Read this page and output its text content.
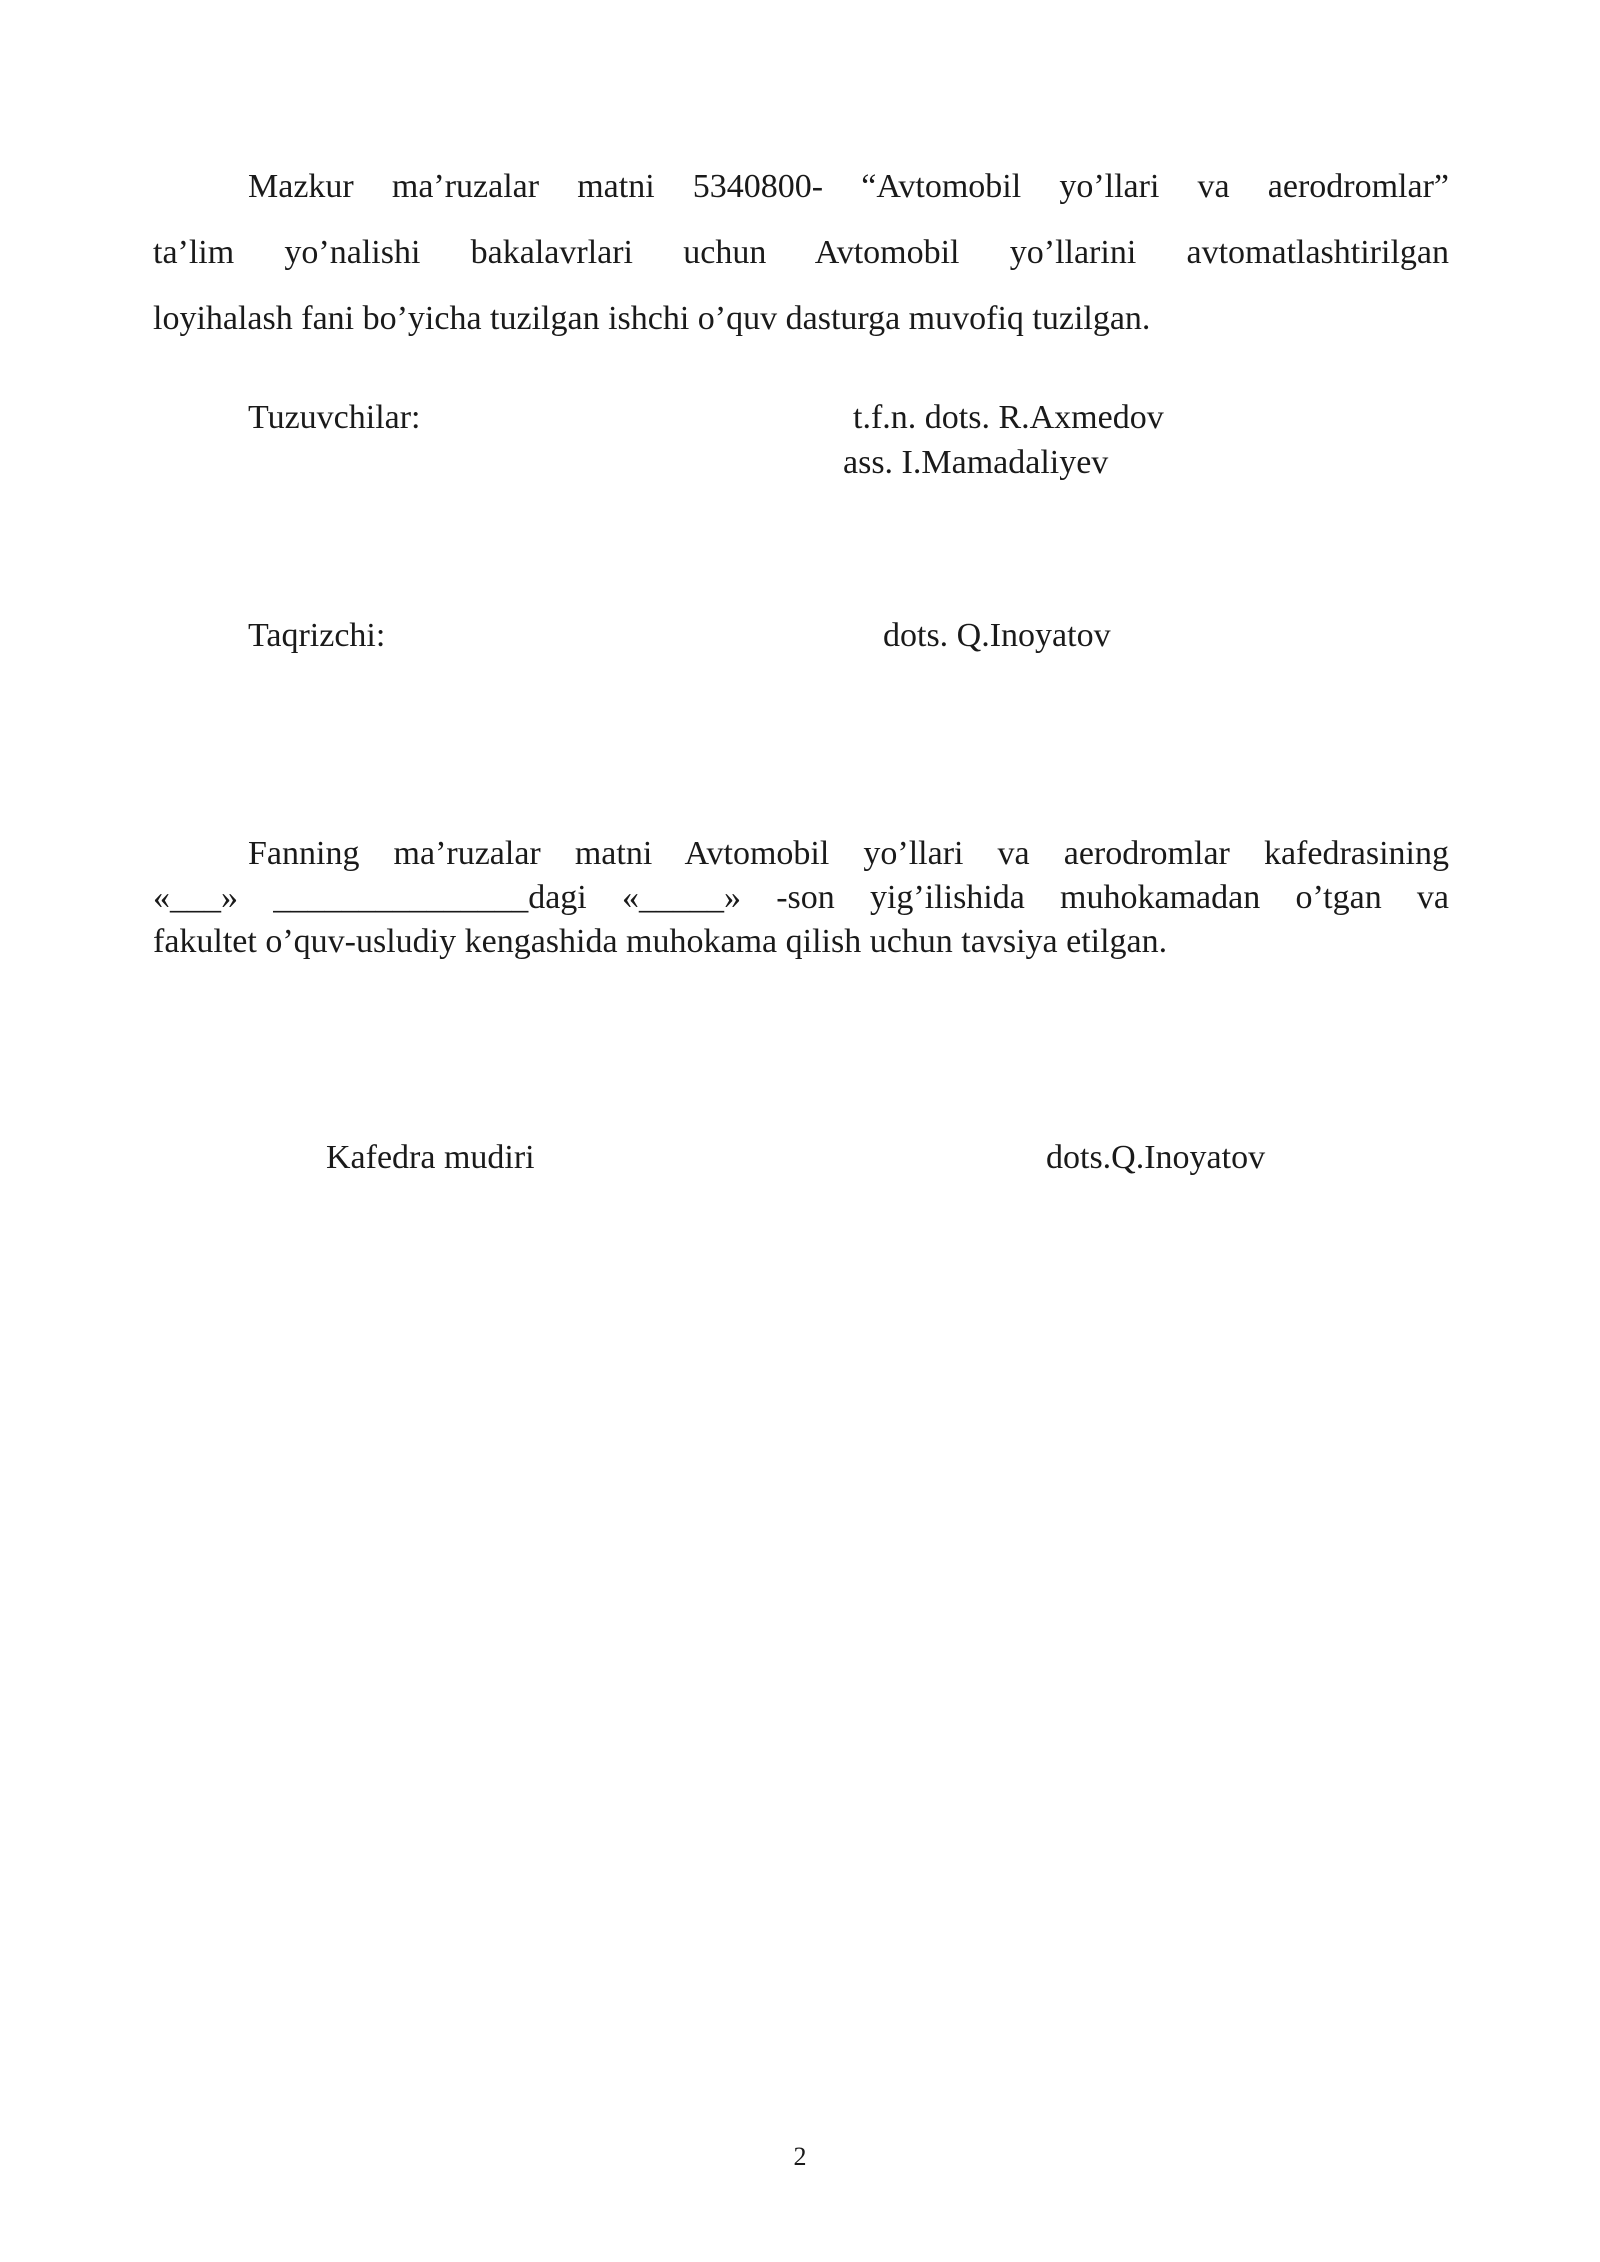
Mazkur ma’ruzalar matni 5340800- “Avtomobil yo’llari va aerodromlar”
ta’lim yo’nalishi bakalavrlari uchun Avtomobil yo’llarini avtomatlashtirilgan
loyihalash fani bo’yicha tuzilgan ishchi o’quv dasturga muvofiq tuzilgan.

Tuzuvchilar:	t.f.n. dots. R.Axmedov
ass. I.Mamadaliyev
Taqrizchi:	dots. Q.Inoyatov

Fanning ma’ruzalar matni Avtomobil yo’llari va aerodromlar kafedrasining
«___» _______________dagi «_____» -son yig’ilishida muhokamadan o’tgan va
fakultet o’quv-usludiy kengashida muhokama qilish uchun tavsiya etilgan.

Kafedra mudiri	dots.Q.Inoyatov
2
